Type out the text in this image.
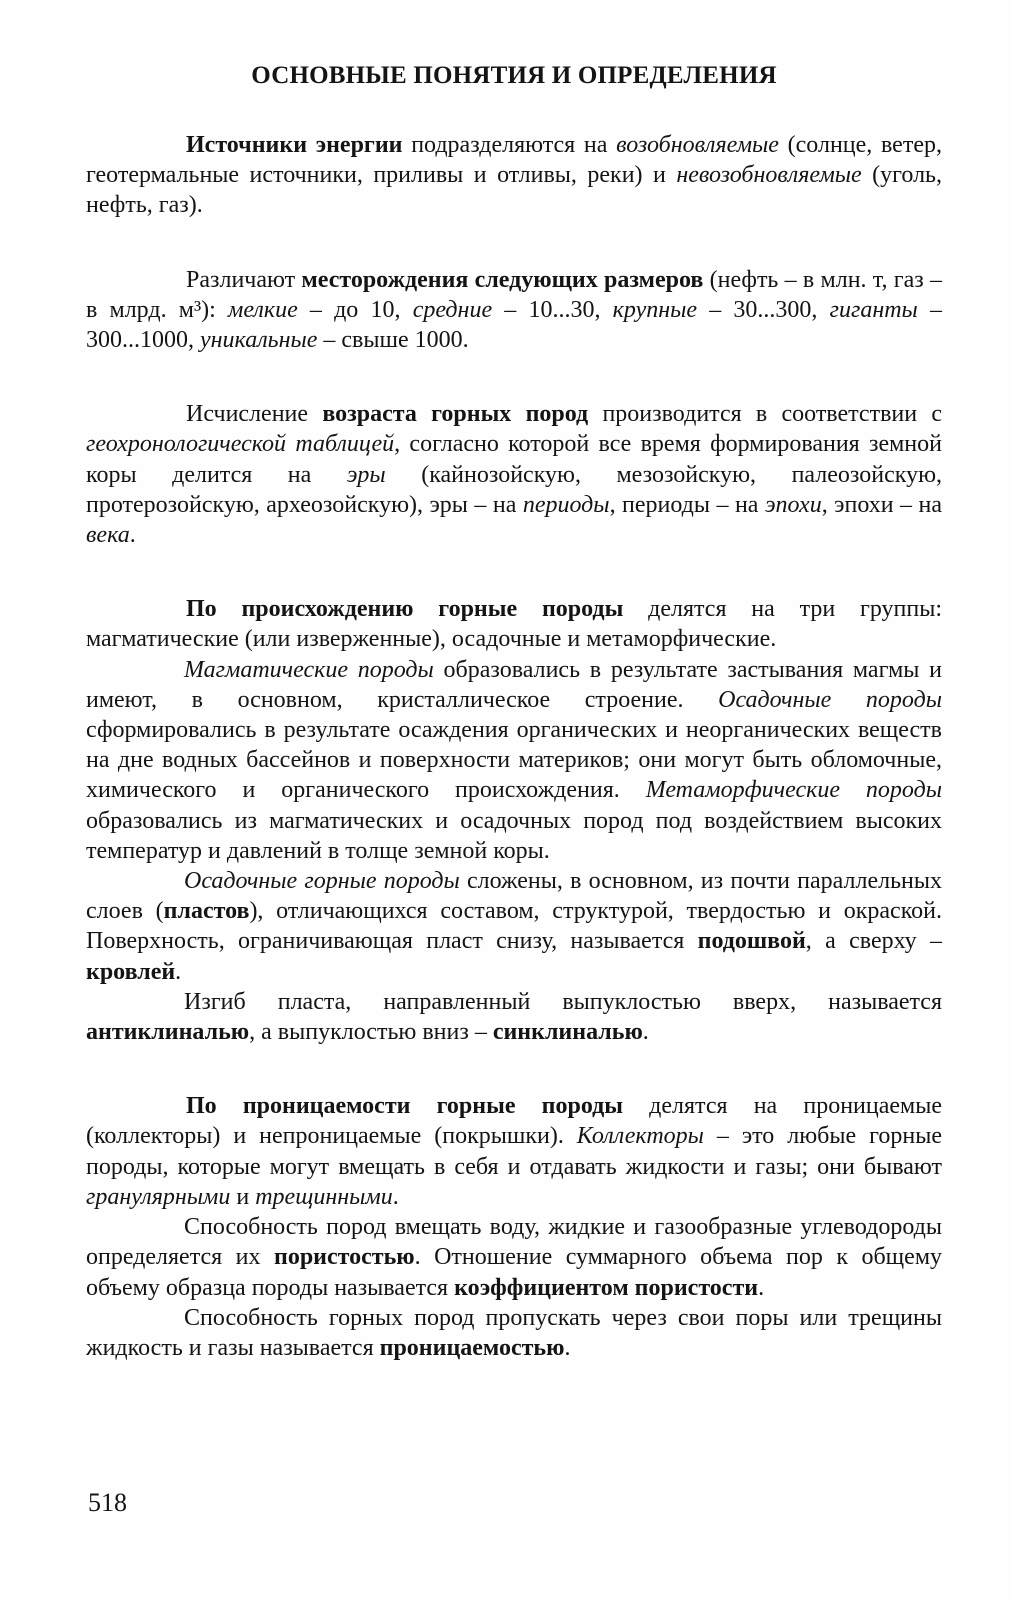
ОСНОВНЫЕ ПОНЯТИЯ И ОПРЕДЕЛЕНИЯ

Источники энергии подразделяются на возобновляемые (солнце, ветер, геотермальные источники, приливы и отливы, реки) и невозобновляемые (уголь, нефть, газ).

Различают месторождения следующих размеров (нефть – в млн. т, газ – в млрд. м³): мелкие – до 10, средние – 10...30, крупные – 30...300, гиганты – 300...1000, уникальные – свыше 1000.

Исчисление возраста горных пород производится в соответствии с геохронологической таблицей, согласно которой все время формирования земной коры делится на эры (кайнозойскую, мезозойскую, палеозойскую, протерозойскую, археозойскую), эры – на периоды, периоды – на эпохи, эпохи – на века.

По происхождению горные породы делятся на три группы: магматические (или изверженные), осадочные и метаморфические.

Магматические породы образовались в результате застывания магмы и имеют, в основном, кристаллическое строение. Осадочные породы сформировались в результате осаждения органических и неорганических веществ на дне водных бассейнов и поверхности материков; они могут быть обломочные, химического и органического происхождения. Метаморфические породы образовались из магматических и осадочных пород под воздействием высоких температур и давлений в толще земной коры.

Осадочные горные породы сложены, в основном, из почти параллельных слоев (пластов), отличающихся составом, структурой, твердостью и окраской. Поверхность, ограничивающая пласт снизу, называется подошвой, а сверху – кровлей.

Изгиб пласта, направленный выпуклостью вверх, называется антиклиналью, а выпуклостью вниз – синклиналью.

По проницаемости горные породы делятся на проницаемые (коллекторы) и непроницаемые (покрышки). Коллекторы – это любые горные породы, которые могут вмещать в себя и отдавать жидкости и газы; они бывают гранулярными и трещинными.

Способность пород вмещать воду, жидкие и газообразные углеводороды определяется их пористостью. Отношение суммарного объема пор к общему объему образца породы называется коэффициентом пористости.

Способность горных пород пропускать через свои поры или трещины жидкость и газы называется проницаемостью.

518
